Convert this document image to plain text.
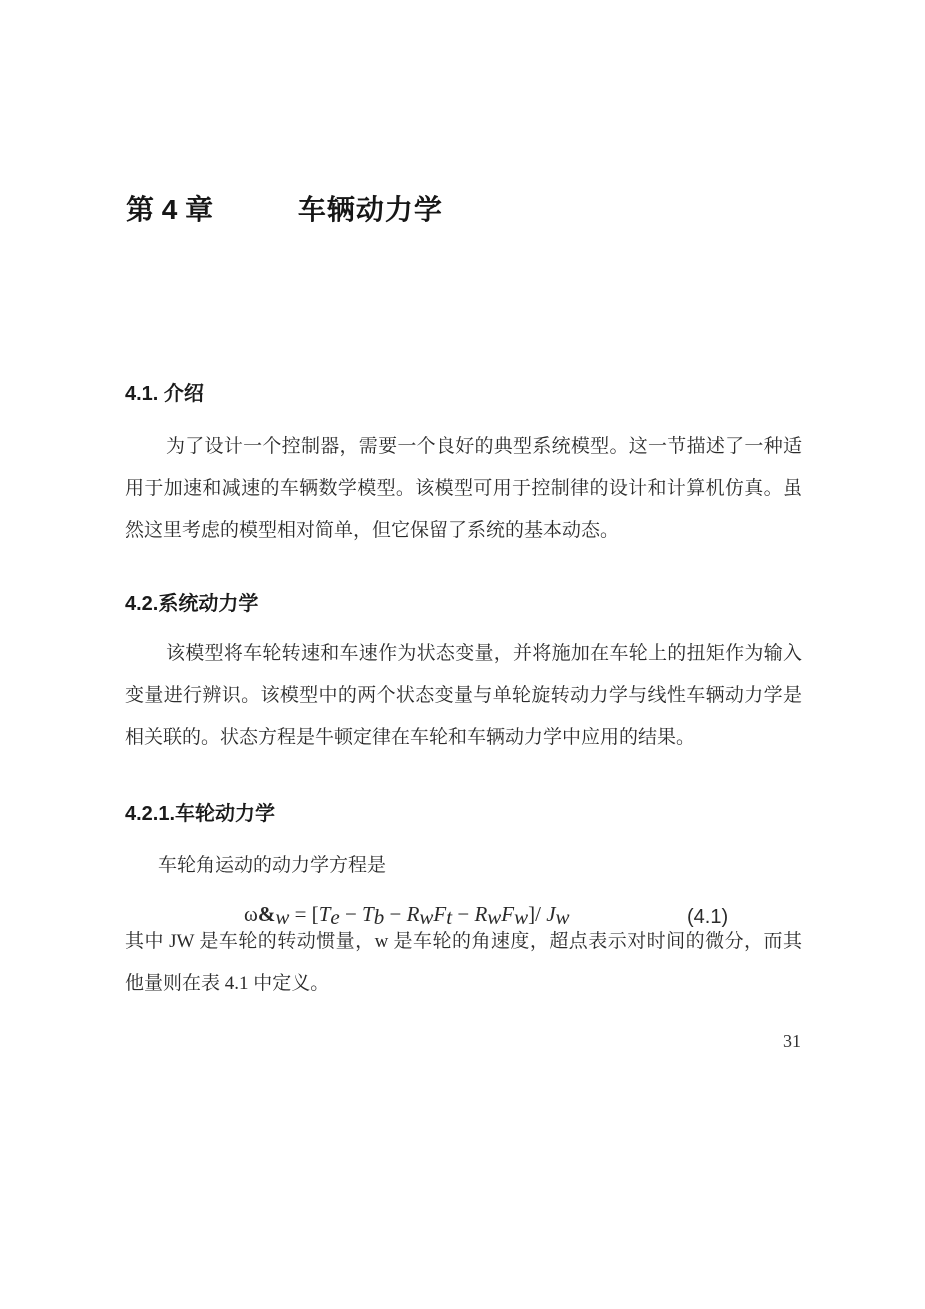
第 4 章	车辆动力学
4.1. 介绍

为了设计一个控制器，需要一个良好的典型系统模型。这一节描述了一种适用于加速和减速的车辆数学模型。该模型可用于控制律的设计和计算机仿真。虽然这里考虑的模型相对简单，但它保留了系统的基本动态。

4.2.系统动力学

该模型将车轮转速和车速作为状态变量，并将施加在车轮上的扭矩作为输入变量进行辨识。该模型中的两个状态变量与单轮旋转动力学与线性车辆动力学是相关联的。状态方程是牛顿定律在车轮和车辆动力学中应用的结果。

4.2.1.车轮动力学

车轮角运动的动力学方程是

ω&w = [Te − Tb − RwFt − RwFw]/ Jw	(4.1)

其中 JW 是车轮的转动惯量，w 是车轮的角速度，超点表示对时间的微分，而其他量则在表 4.1 中定义。

31
